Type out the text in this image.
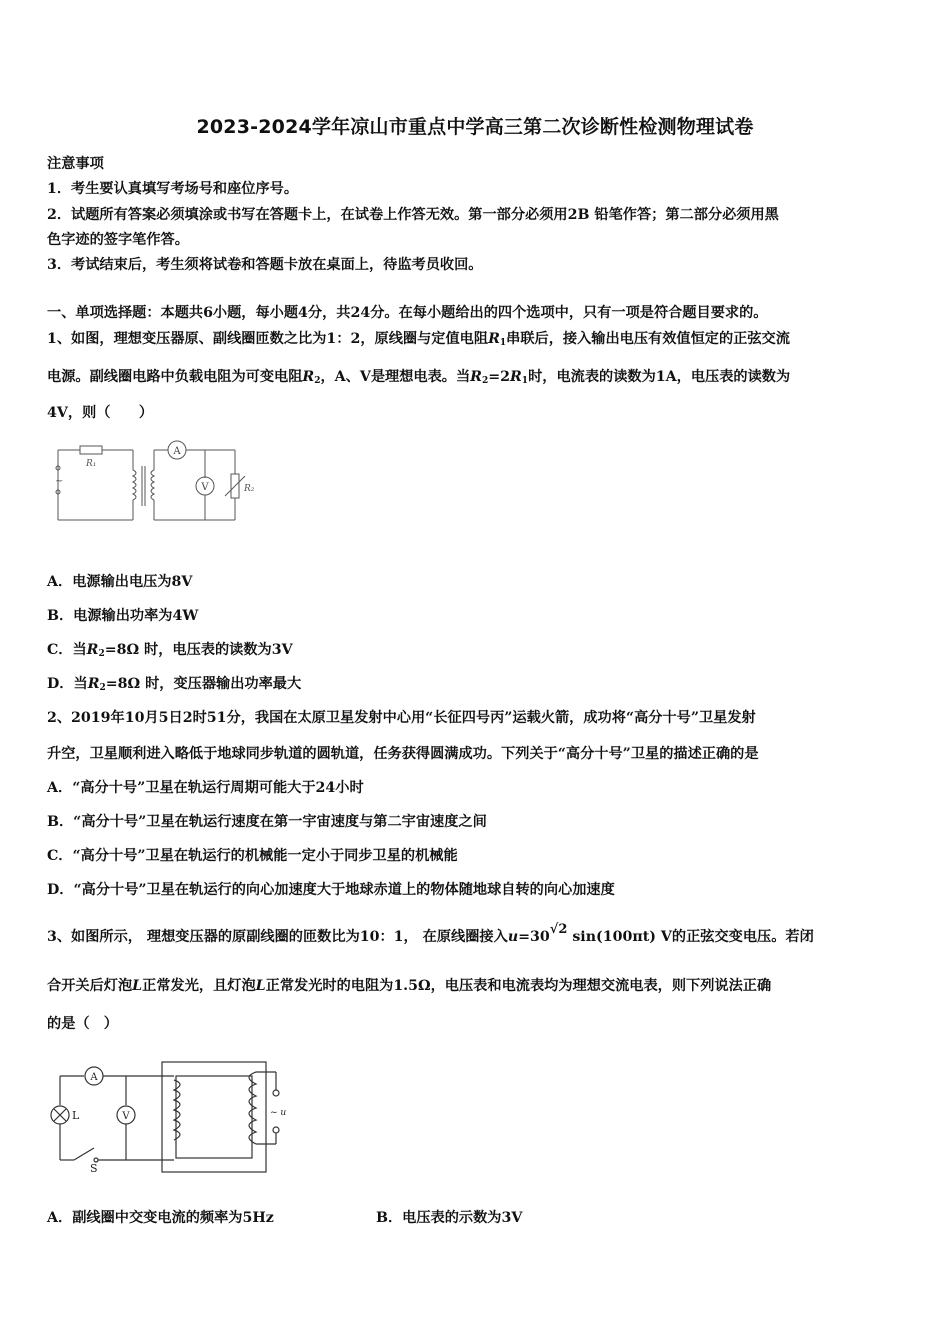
2023-2024学年凉山市重点中学高三第二次诊断性检测物理试卷
注意事项
1．考生要认真填写考场号和座位序号。
2．试题所有答案必须填涂或书写在答题卡上，在试卷上作答无效。第一部分必须用2B 铅笔作答；第二部分必须用黑
色字迹的签字笔作答。
3．考试结束后，考生须将试卷和答题卡放在桌面上，待监考员收回。
一、单项选择题：本题共6小题，每小题4分，共24分。在每小题给出的四个选项中，只有一项是符合题目要求的。
1、如图，理想变压器原、副线圈匝数之比为1：2，原线圈与定值电阻$R_1$串联后，接入输出电压有效值恒定的正弦交流
电源。副线圈电路中负载电阻为可变电阻$R_2$，A、V是理想电表。当$R_2=2R_1$时，电流表的读数为1A，电压表的读数为
4V，则（　　）
R₁
A
V	R₂
~
A．电源输出电压为8V
B．电源输出功率为4W
C．当$R_2=8\Omega$ 时，电压表的读数为3V
D．当$R_2=8\Omega$ 时，变压器输出功率最大
2、2019年10月5日2时51分，我国在太原卫星发射中心用“长征四号丙”运载火箭，成功将“高分十号”卫星发射
升空，卫星顺利进入略低于地球同步轨道的圆轨道，任务获得圆满成功。下列关于“高分十号”卫星的描述正确的是
A．“高分十号”卫星在轨运行周期可能大于24小时
B．“高分十号”卫星在轨运行速度在第一宇宙速度与第二宇宙速度之间
C．“高分十号”卫星在轨运行的机械能一定小于同步卫星的机械能
D．“高分十号”卫星在轨运行的向心加速度大于地球赤道上的物体随地球自转的向心加速度
3、如图所示， 理想变压器的原副线圈的匝数比为10：1， 在原线圈接入u=30√2 sin(100πt) V的正弦交变电压。若闭
合开关后灯泡L正常发光，且灯泡L正常发光时的电阻为1.5Ω，电压表和电流表均为理想交流电表，则下列说法正确
的是（　）
A
V
L
S
~ u
A．副线圈中交变电流的频率为5Hz	B．电压表的示数为3V
